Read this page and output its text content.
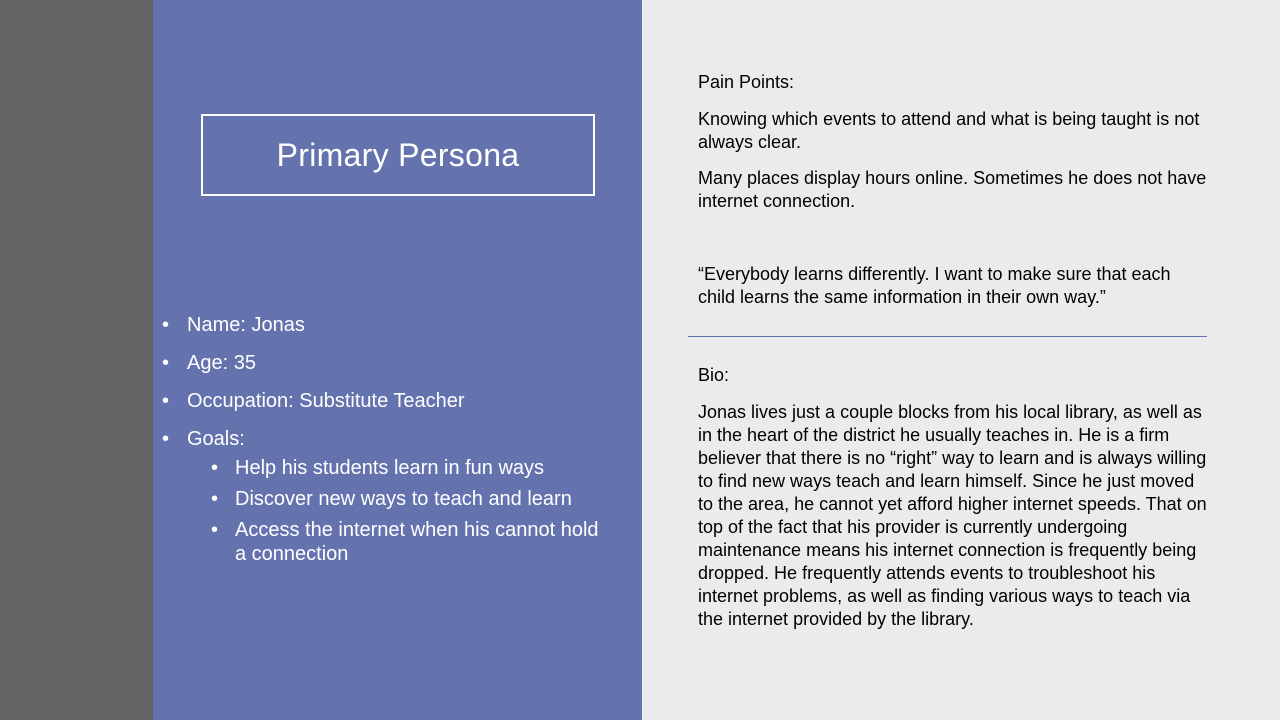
Primary Persona
• Name: Jonas
• Age: 35
• Occupation: Substitute Teacher
• Goals:
• Help his students learn in fun ways
• Discover new ways to teach and learn
• Access the internet when his cannot hold a connection
Pain Points:
Knowing which events to attend and what is being taught is not always clear.
Many places display hours online. Sometimes he does not have internet connection.
“Everybody learns differently. I want to make sure that each child learns the same information in their own way.”
Bio:
Jonas lives just a couple blocks from his local library, as well as in the heart of the district he usually teaches in. He is a firm believer that there is no “right” way to learn and is always willing to find new ways teach and learn himself. Since he just moved to the area, he cannot yet afford higher internet speeds. That on top of the fact that his provider is currently undergoing maintenance means his internet connection is frequently being dropped. He frequently attends events to troubleshoot his internet problems, as well as finding various ways to teach via the internet provided by the library.
